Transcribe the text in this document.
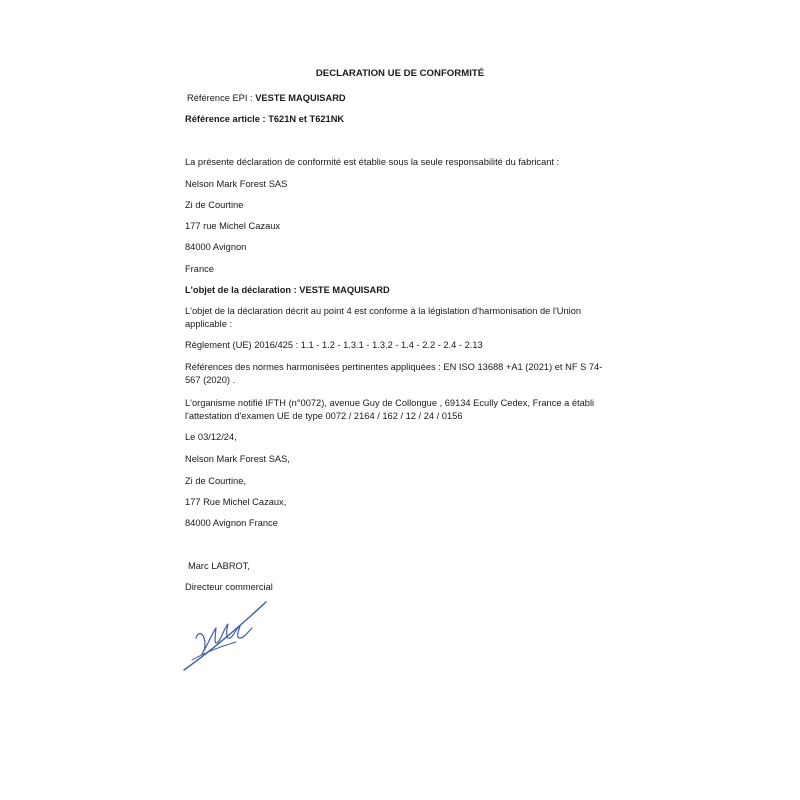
DECLARATION UE DE CONFORMITÉ
Référence EPI : VESTE MAQUISARD
Référence article : T621N et T621NK
La présente déclaration de conformité est établie sous la seule responsabilité du fabricant :
Nelson Mark Forest SAS
Zi de Courtine
177 rue Michel Cazaux
84000 Avignon
France
L'objet de la déclaration : VESTE MAQUISARD
L'objet de la déclaration décrit au point 4 est conforme à la législation d'harmonisation de l'Union applicable :
Règlement (UE) 2016/425 : 1.1 - 1.2 - 1.3.1 - 1.3.2 - 1.4 - 2.2 - 2.4 - 2.13
Références des normes harmonisées pertinentes appliquées : EN ISO 13688 +A1 (2021) et NF S 74-567 (2020) .
L'organisme notifié IFTH (n°0072), avenue Guy de Collongue , 69134 Ecully Cedex, France a établi l'attestation d'examen UE de type 0072 / 2164 / 162 / 12 / 24 / 0156
Le 03/12/24,
Nelson Mark Forest SAS,
Zi de Courtine,
177 Rue Michel Cazaux,
84000 Avignon France
Marc LABROT,
Directeur commercial
